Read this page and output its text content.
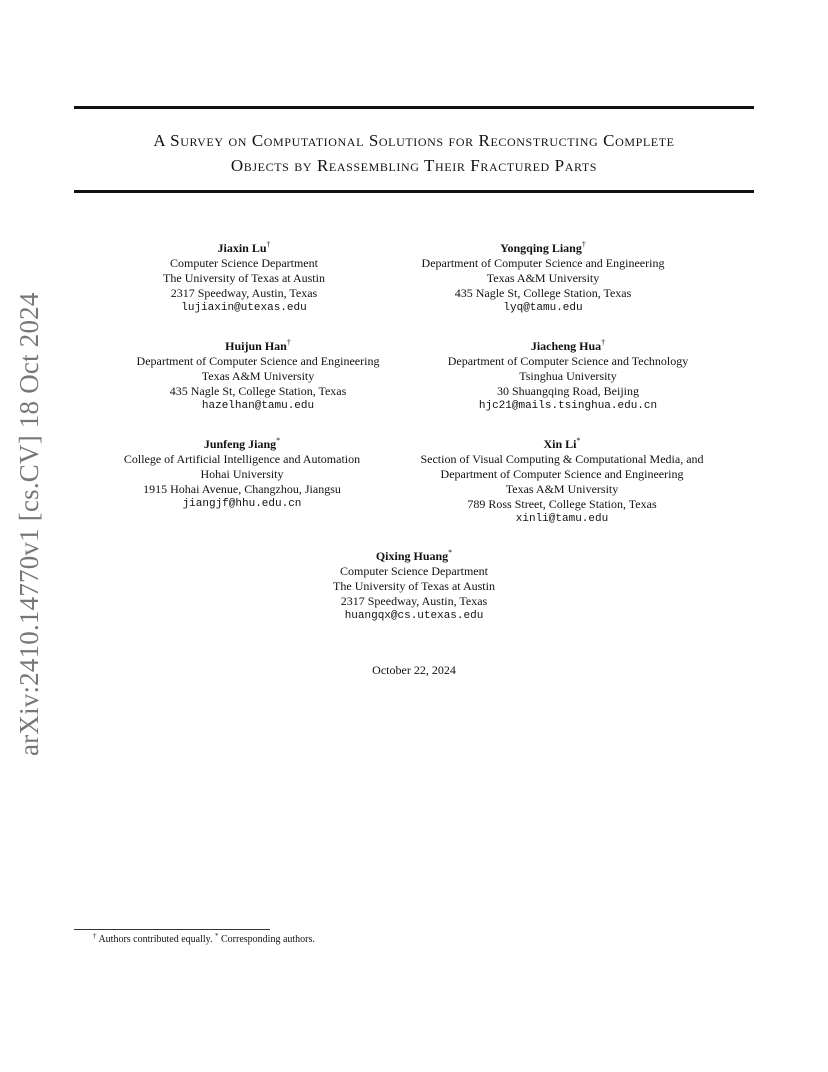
arXiv:2410.14770v1 [cs.CV] 18 Oct 2024
A Survey on Computational Solutions for Reconstructing Complete
Objects by Reassembling Their Fractured Parts
Jiaxin Lu†
Computer Science Department
The University of Texas at Austin
2317 Speedway, Austin, Texas
lujiaxin@utexas.edu
Yongqing Liang†
Department of Computer Science and Engineering
Texas A&M University
435 Nagle St, College Station, Texas
lyq@tamu.edu
Huijun Han†
Department of Computer Science and Engineering
Texas A&M University
435 Nagle St, College Station, Texas
hazelhan@tamu.edu
Jiacheng Hua†
Department of Computer Science and Technology
Tsinghua University
30 Shuangqing Road, Beijing
hjc21@mails.tsinghua.edu.cn
Junfeng Jiang*
College of Artificial Intelligence and Automation
Hohai University
1915 Hohai Avenue, Changzhou, Jiangsu
jiangjf@hhu.edu.cn
Xin Li*
Section of Visual Computing & Computational Media, and
Department of Computer Science and Engineering
Texas A&M University
789 Ross Street, College Station, Texas
xinli@tamu.edu
Qixing Huang*
Computer Science Department
The University of Texas at Austin
2317 Speedway, Austin, Texas
huangqx@cs.utexas.edu
October 22, 2024
† Authors contributed equally. * Corresponding authors.
